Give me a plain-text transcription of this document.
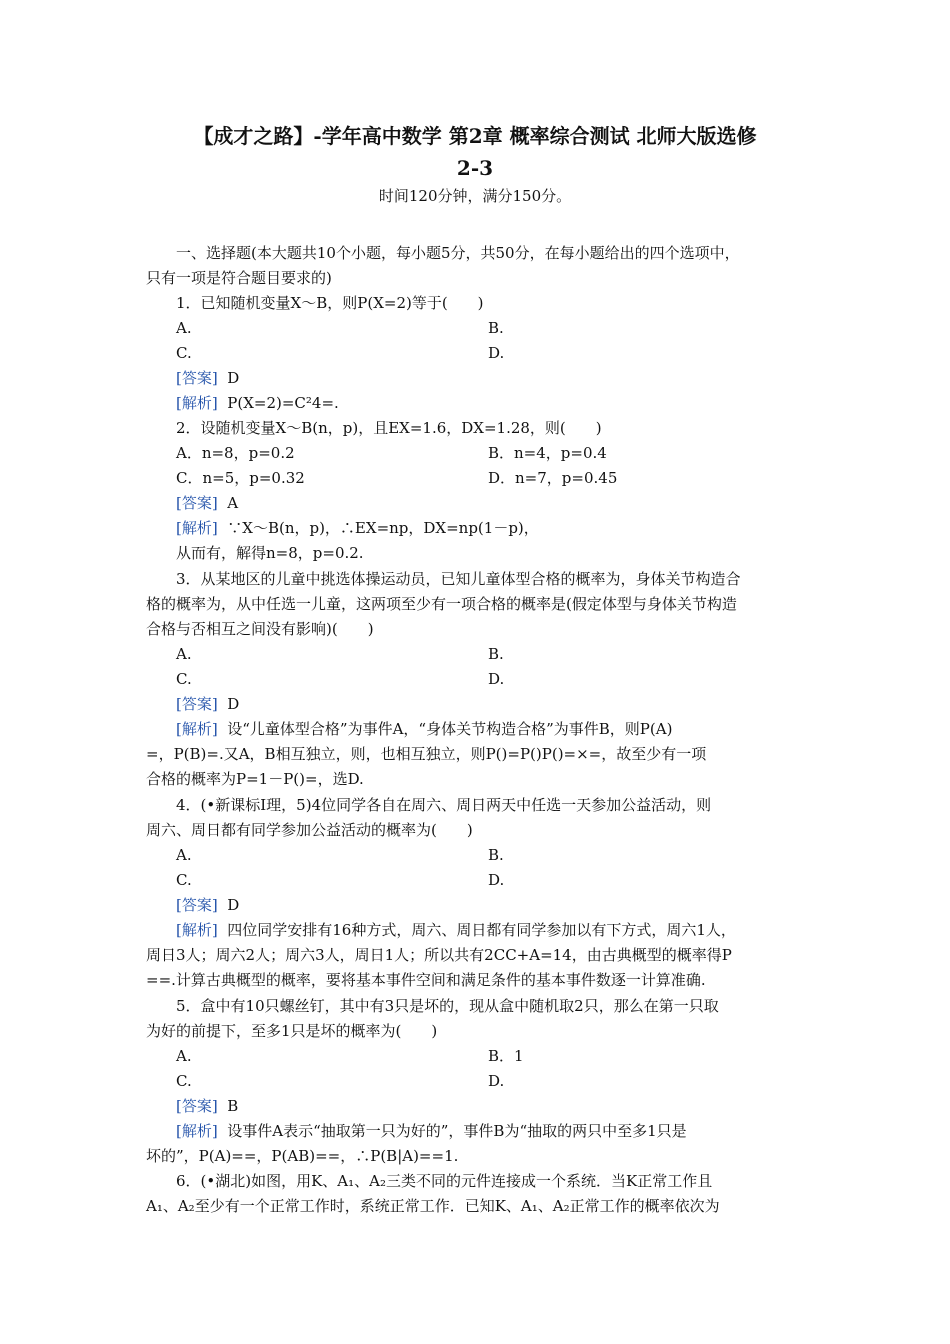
【成才之路】-学年高中数学 第2章 概率综合测试 北师大版选修
2-3
时间120分钟，满分150分。
一、选择题(本大题共10个小题，每小题5分，共50分，在每小题给出的四个选项中，
只有一项是符合题目要求的)
1．已知随机变量X～B，则P(X=2)等于(　　)
A.	B.
C.	D.
[答案] D
[解析] P(X=2)=C²4=.
2．设随机变量X～B(n，p)，且EX=1.6，DX=1.28，则(　　)
A．n=8，p=0.2	B．n=4，p=0.4
C．n=5，p=0.32	D．n=7，p=0.45
[答案] A
[解析] ∵X～B(n，p)，∴EX=np，DX=np(1－p)，
从而有，解得n=8，p=0.2.
3．从某地区的儿童中挑选体操运动员，已知儿童体型合格的概率为，身体关节构造合
格的概率为，从中任选一儿童，这两项至少有一项合格的概率是(假定体型与身体关节构造
合格与否相互之间没有影响)(　　)
A.	B.
C.	D.
[答案] D
[解析] 设“儿童体型合格”为事件A，“身体关节构造合格”为事件B，则P(A)
=，P(B)=.又A，B相互独立，则，也相互独立，则P()=P()P()=×=，故至少有一项
合格的概率为P=1－P()=，选D.
4．(•新课标Ⅰ理，5)4位同学各自在周六、周日两天中任选一天参加公益活动，则
周六、周日都有同学参加公益活动的概率为(　　)
A.	B.
C.	D.
[答案] D
[解析] 四位同学安排有16种方式，周六、周日都有同学参加以有下方式，周六1人，
周日3人；周六2人；周六3人，周日1人；所以共有2CC+A=14，由古典概型的概率得P
==.计算古典概型的概率，要将基本事件空间和满足条件的基本事件数逐一计算准确.
5．盒中有10只螺丝钉，其中有3只是坏的，现从盒中随机取2只，那么在第一只取
为好的前提下，至多1只是坏的概率为(　　)
A.	B．1
C.	D.
[答案] B
[解析] 设事件A表示“抽取第一只为好的”，事件B为“抽取的两只中至多1只是
坏的”，P(A)==，P(AB)==，∴P(B|A)==1.
6．(•湖北)如图，用K、A₁、A₂三类不同的元件连接成一个系统．当K正常工作且
A₁、A₂至少有一个正常工作时，系统正常工作．已知K、A₁、A₂正常工作的概率依次为
